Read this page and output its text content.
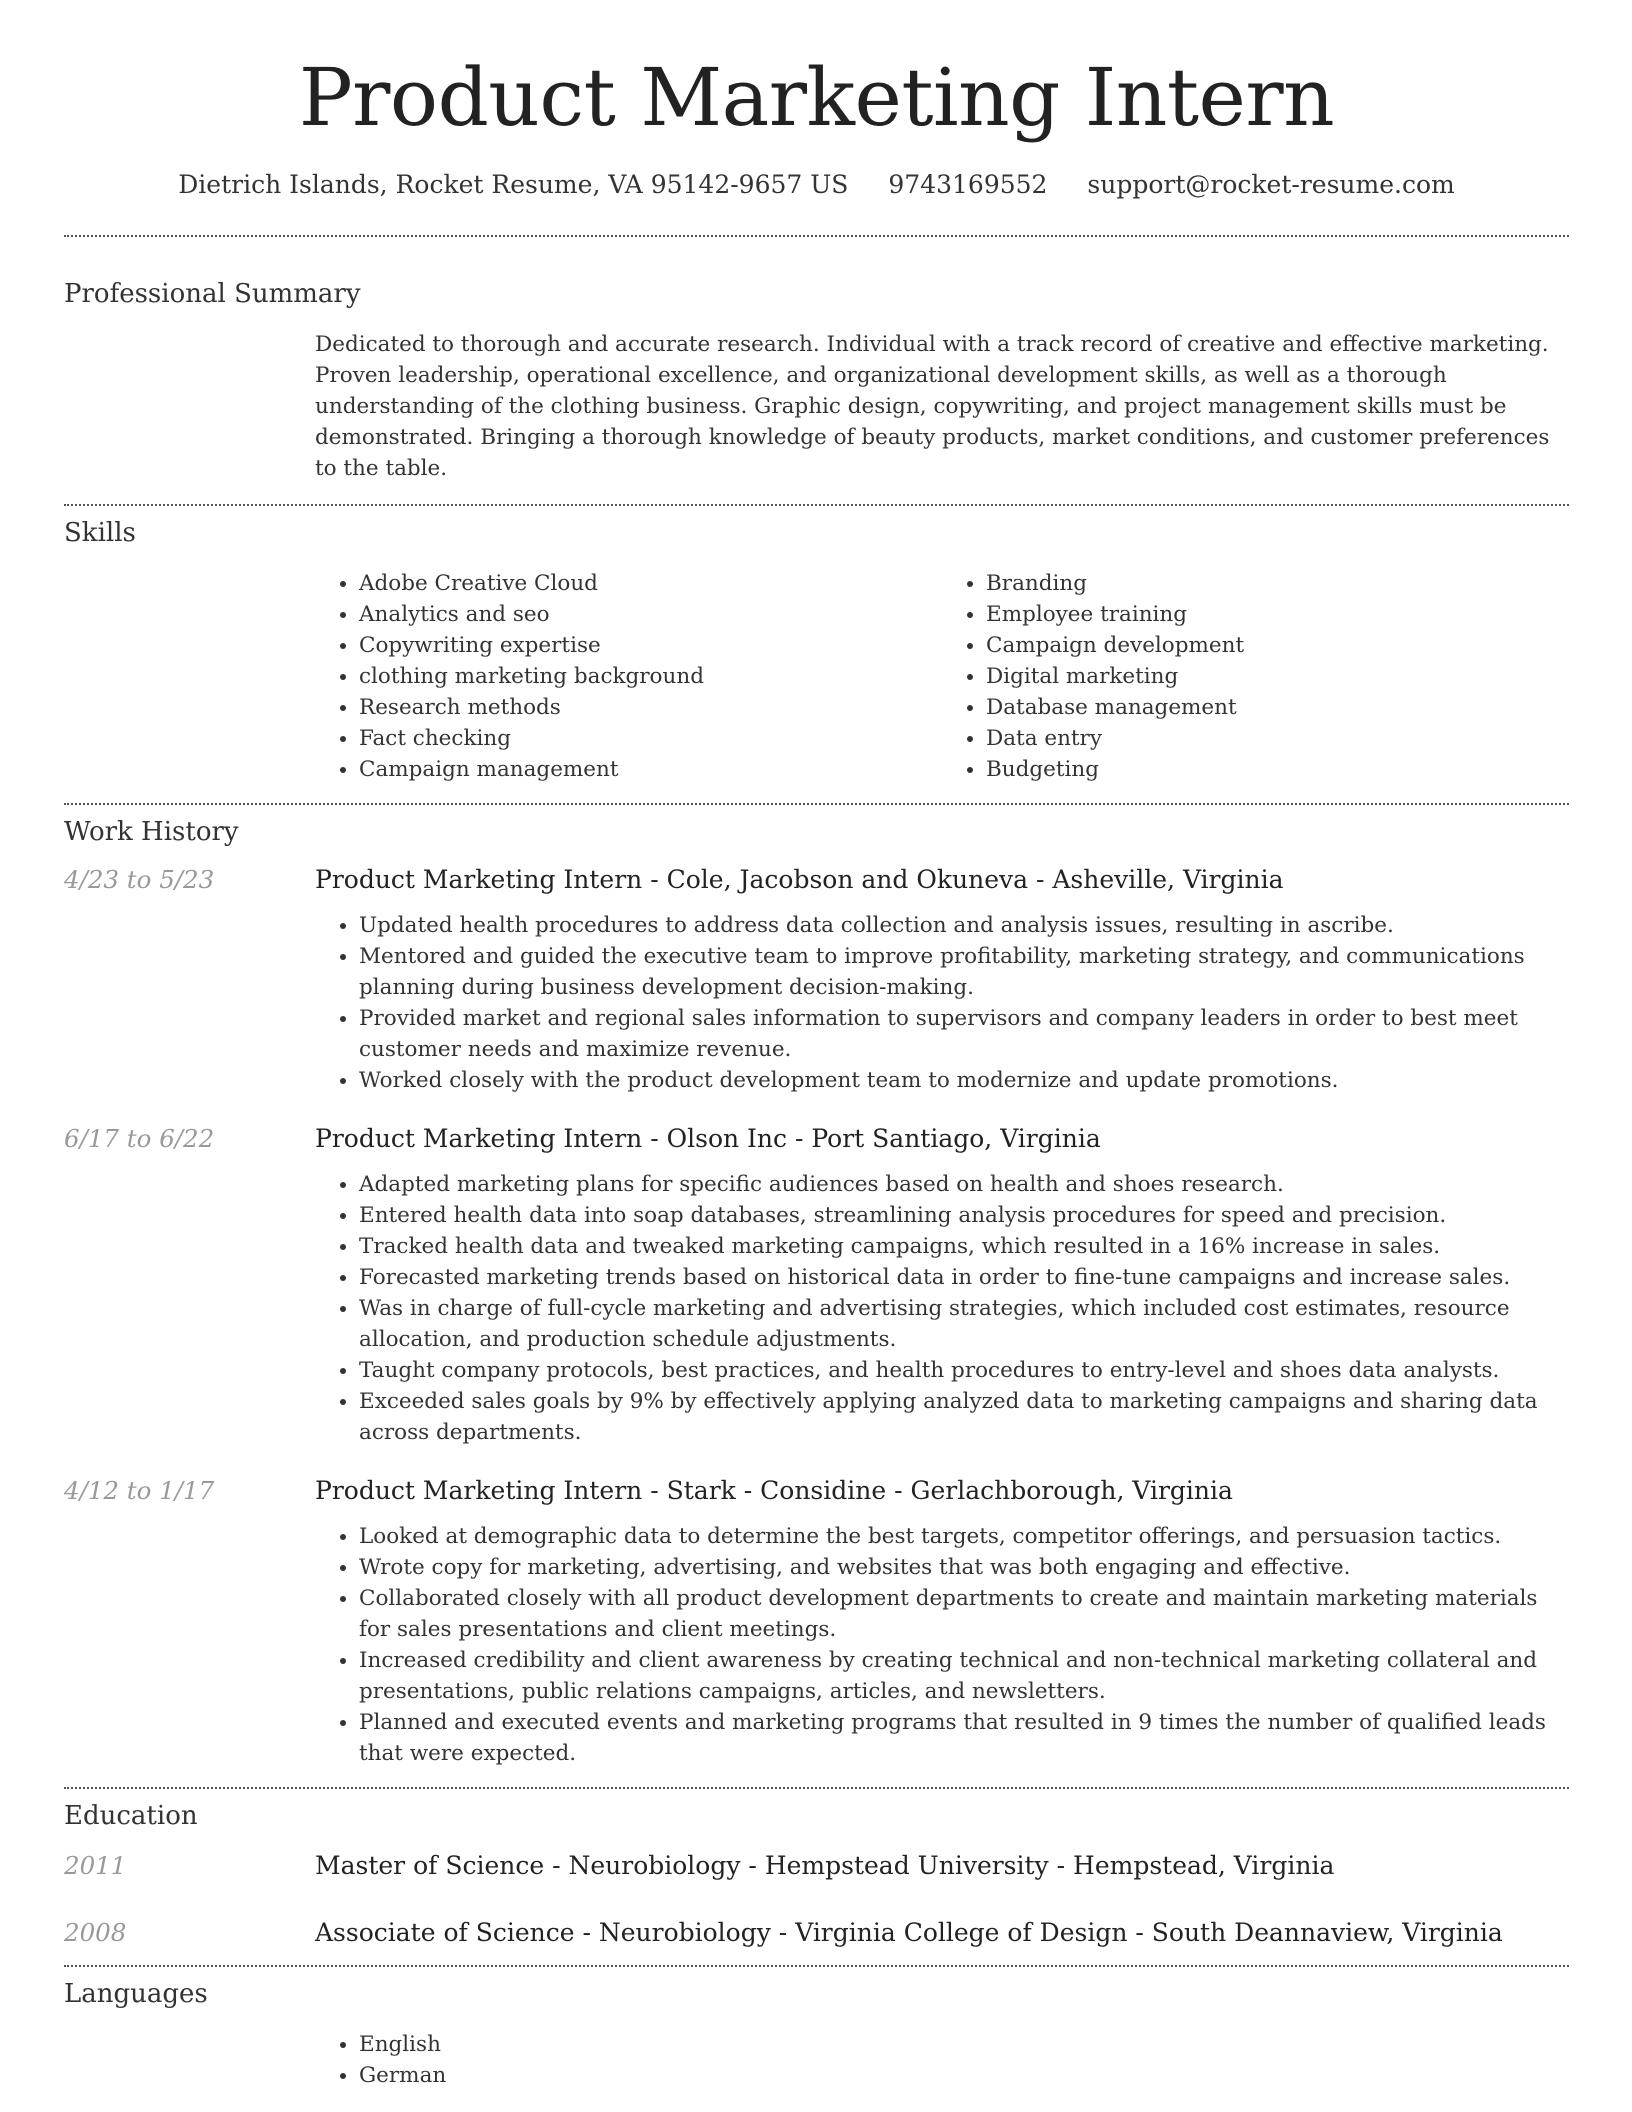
Product Marketing Intern
Dietrich Islands, Rocket Resume, VA 95142-9657 US 9743169552 support@rocket-resume.com
Professional Summary
Dedicated to thorough and accurate research. Individual with a track record of creative and effective marketing. Proven leadership, operational excellence, and organizational development skills, as well as a thorough understanding of the clothing business. Graphic design, copywriting, and project management skills must be demonstrated. Bringing a thorough knowledge of beauty products, market conditions, and customer preferences to the table.
Skills
• Adobe Creative Cloud
• Analytics and seo
• Copywriting expertise
• clothing marketing background
• Research methods
• Fact checking
• Campaign management
• Branding
• Employee training
• Campaign development
• Digital marketing
• Database management
• Data entry
• Budgeting
Work History
4/23 to 5/23	Product Marketing Intern - Cole, Jacobson and Okuneva - Asheville, Virginia
• Updated health procedures to address data collection and analysis issues, resulting in ascribe.
• Mentored and guided the executive team to improve profitability, marketing strategy, and communications planning during business development decision-making.
• Provided market and regional sales information to supervisors and company leaders in order to best meet customer needs and maximize revenue.
• Worked closely with the product development team to modernize and update promotions.
6/17 to 6/22	Product Marketing Intern - Olson Inc - Port Santiago, Virginia
• Adapted marketing plans for specific audiences based on health and shoes research.
• Entered health data into soap databases, streamlining analysis procedures for speed and precision.
• Tracked health data and tweaked marketing campaigns, which resulted in a 16% increase in sales.
• Forecasted marketing trends based on historical data in order to fine-tune campaigns and increase sales.
• Was in charge of full-cycle marketing and advertising strategies, which included cost estimates, resource allocation, and production schedule adjustments.
• Taught company protocols, best practices, and health procedures to entry-level and shoes data analysts.
• Exceeded sales goals by 9% by effectively applying analyzed data to marketing campaigns and sharing data across departments.
4/12 to 1/17	Product Marketing Intern - Stark - Considine - Gerlachborough, Virginia
• Looked at demographic data to determine the best targets, competitor offerings, and persuasion tactics.
• Wrote copy for marketing, advertising, and websites that was both engaging and effective.
• Collaborated closely with all product development departments to create and maintain marketing materials for sales presentations and client meetings.
• Increased credibility and client awareness by creating technical and non-technical marketing collateral and presentations, public relations campaigns, articles, and newsletters.
• Planned and executed events and marketing programs that resulted in 9 times the number of qualified leads that were expected.
Education
2011	Master of Science - Neurobiology - Hempstead University - Hempstead, Virginia
2008	Associate of Science - Neurobiology - Virginia College of Design - South Deannaview, Virginia
Languages
• English
• German
